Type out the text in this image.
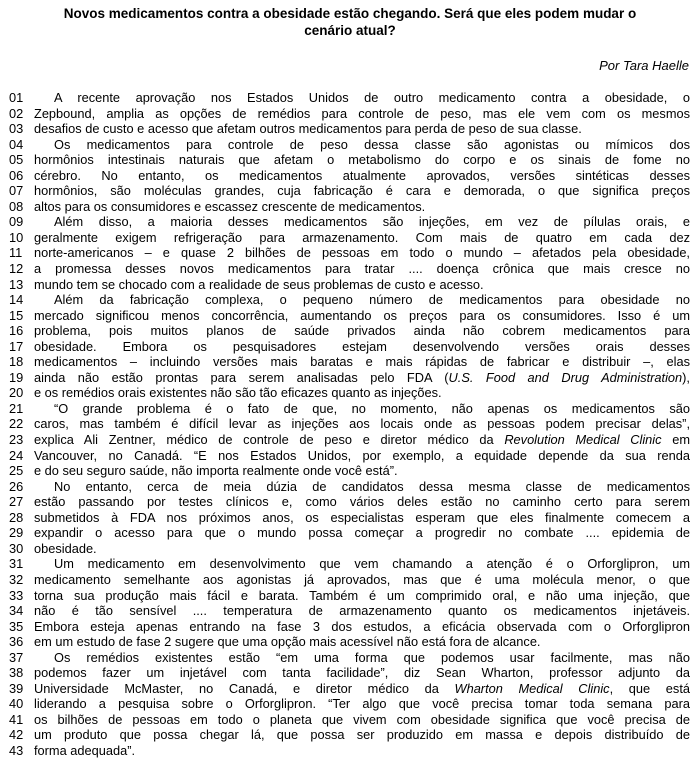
Novos medicamentos contra a obesidade estão chegando. Será que eles podem mudar o
cenário atual?
Por Tara Haelle
01	A recente aprovação nos Estados Unidos de outro medicamento contra a obesidade, o
02 Zepbound, amplia as opções de remédios para controle de peso, mas ele vem com os mesmos
03 desafios de custo e acesso que afetam outros medicamentos para perda de peso de sua classe.
04	Os medicamentos para controle de peso dessa classe são agonistas ou mímicos dos
05 hormônios intestinais naturais que afetam o metabolismo do corpo e os sinais de fome no
06 cérebro. No entanto, os medicamentos atualmente aprovados, versões sintéticas desses
07 hormônios, são moléculas grandes, cuja fabricação é cara e demorada, o que significa preços
08 altos para os consumidores e escassez crescente de medicamentos.
09	Além disso, a maioria desses medicamentos são injeções, em vez de pílulas orais, e
10 geralmente exigem refrigeração para armazenamento. Com mais de quatro em cada dez
11 norte-americanos – e quase 2 bilhões de pessoas em todo o mundo – afetados pela obesidade,
12 a promessa desses novos medicamentos para tratar .... doença crônica que mais cresce no
13 mundo tem se chocado com a realidade de seus problemas de custo e acesso.
14	Além da fabricação complexa, o pequeno número de medicamentos para obesidade no
15 mercado significou menos concorrência, aumentando os preços para os consumidores. Isso é um
16 problema, pois muitos planos de saúde privados ainda não cobrem medicamentos para
17 obesidade. Embora os pesquisadores estejam desenvolvendo versões orais desses
18 medicamentos – incluindo versões mais baratas e mais rápidas de fabricar e distribuir –, elas
19 ainda não estão prontas para serem analisadas pelo FDA (U.S. Food and Drug Administration),
20 e os remédios orais existentes não são tão eficazes quanto as injeções.
21	“O grande problema é o fato de que, no momento, não apenas os medicamentos são
22 caros, mas também é difícil levar as injeções aos locais onde as pessoas podem precisar delas”,
23 explica Ali Zentner, médico de controle de peso e diretor médico da Revolution Medical Clinic em
24 Vancouver, no Canadá. “E nos Estados Unidos, por exemplo, a equidade depende da sua renda
25 e do seu seguro saúde, não importa realmente onde você está”.
26	No entanto, cerca de meia dúzia de candidatos dessa mesma classe de medicamentos
27 estão passando por testes clínicos e, como vários deles estão no caminho certo para serem
28 submetidos à FDA nos próximos anos, os especialistas esperam que eles finalmente comecem a
29 expandir o acesso para que o mundo possa começar a progredir no combate .... epidemia de
30 obesidade.
31	Um medicamento em desenvolvimento que vem chamando a atenção é o Orforglipron, um
32 medicamento semelhante aos agonistas já aprovados, mas que é uma molécula menor, o que
33 torna sua produção mais fácil e barata. Também é um comprimido oral, e não uma injeção, que
34 não é tão sensível .... temperatura de armazenamento quanto os medicamentos injetáveis.
35 Embora esteja apenas entrando na fase 3 dos estudos, a eficácia observada com o Orforglipron
36 em um estudo de fase 2 sugere que uma opção mais acessível não está fora de alcance.
37	Os remédios existentes estão “em uma forma que podemos usar facilmente, mas não
38 podemos fazer um injetável com tanta facilidade”, diz Sean Wharton, professor adjunto da
39 Universidade McMaster, no Canadá, e diretor médico da Wharton Medical Clinic, que está
40 liderando a pesquisa sobre o Orforglipron. “Ter algo que você precisa tomar toda semana para
41 os bilhões de pessoas em todo o planeta que vivem com obesidade significa que você precisa de
42 um produto que possa chegar lá, que possa ser produzido em massa e depois distribuído de
43 forma adequada”.
